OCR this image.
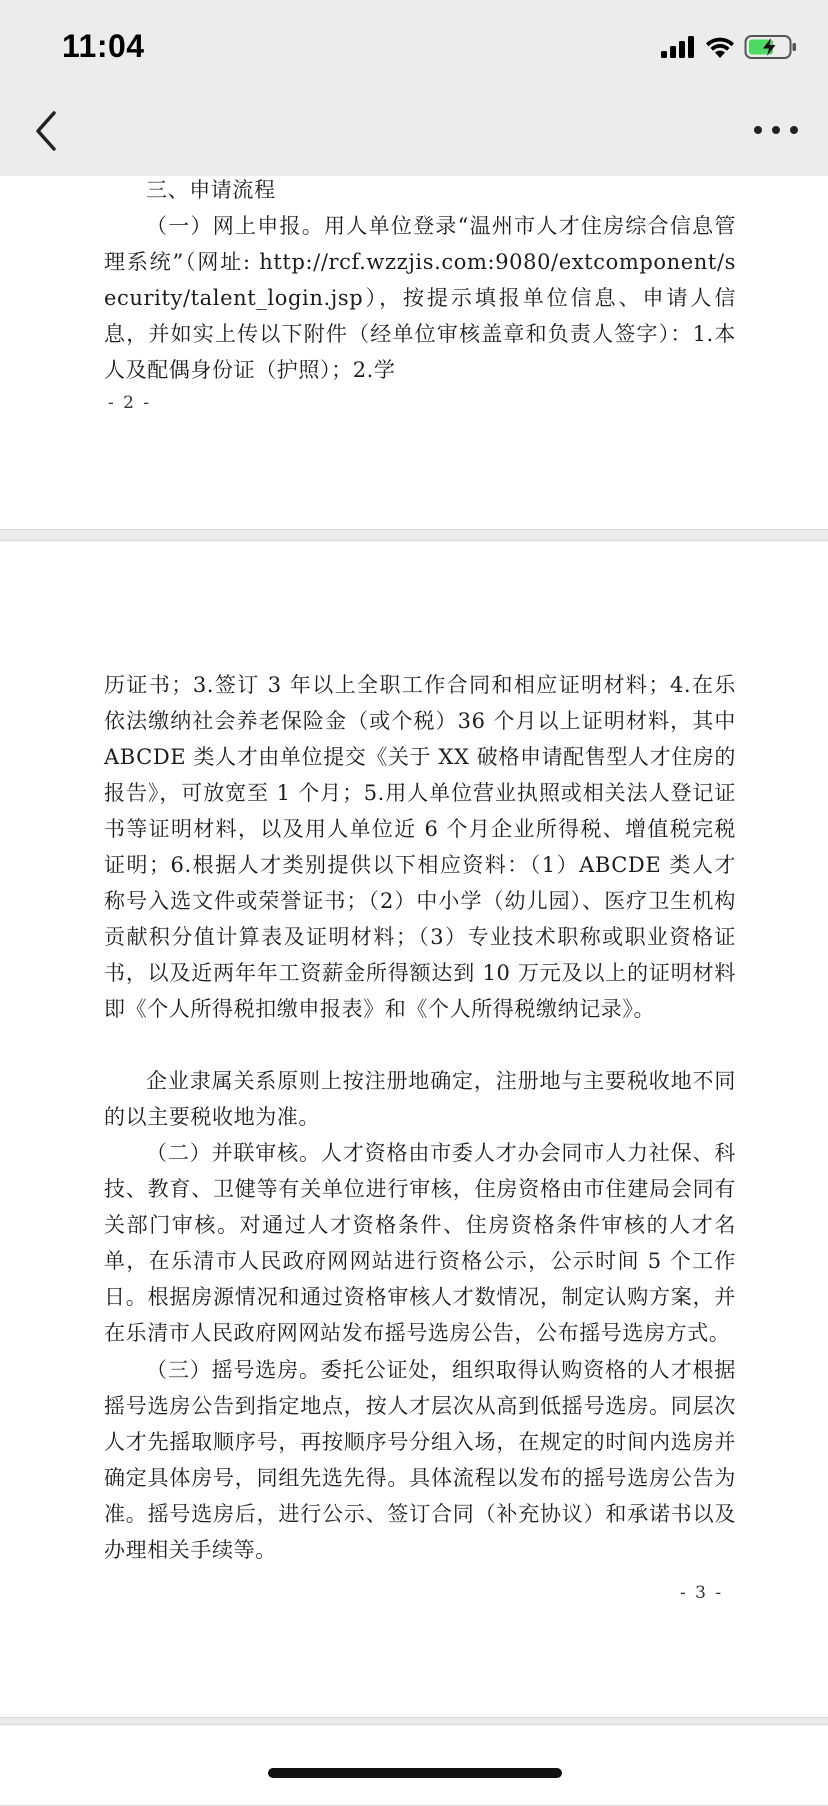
11:04
三、申请流程
（一）网上申报。用人单位登录“温州市人才住房综合信息管理系统”（网址: http://rcf.wzzjis.com:9080/extcomponent/security/talent_login.jsp），按提示填报单位信息、申请人信息，并如实上传以下附件（经单位审核盖章和负责人签字）：1.本人及配偶身份证（护照）；2.学
- 2 -
历证书；3.签订 3 年以上全职工作合同和相应证明材料；4.在乐依法缴纳社会养老保险金（或个税）36 个月以上证明材料，其中 ABCDE 类人才由单位提交《关于 XX 破格申请配售型人才住房的报告》，可放宽至 1 个月；5.用人单位营业执照或相关法人登记证书等证明材料，以及用人单位近 6 个月企业所得税、增值税完税证明；6.根据人才类别提供以下相应资料：（1）ABCDE 类人才称号入选文件或荣誉证书；（2）中小学（幼儿园）、医疗卫生机构贡献积分值计算表及证明材料；（3）专业技术职称或职业资格证书，以及近两年年工资薪金所得额达到 10 万元及以上的证明材料即《个人所得税扣缴申报表》和《个人所得税缴纳记录》。
企业隶属关系原则上按注册地确定，注册地与主要税收地不同的以主要税收地为准。
（二）并联审核。人才资格由市委人才办会同市人力社保、科技、教育、卫健等有关单位进行审核，住房资格由市住建局会同有关部门审核。对通过人才资格条件、住房资格条件审核的人才名单，在乐清市人民政府网网站进行资格公示，公示时间 5 个工作日。根据房源情况和通过资格审核人才数情况，制定认购方案，并在乐清市人民政府网网站发布摇号选房公告，公布摇号选房方式。
（三）摇号选房。委托公证处，组织取得认购资格的人才根据摇号选房公告到指定地点，按人才层次从高到低摇号选房。同层次人才先摇取顺序号，再按顺序号分组入场，在规定的时间内选房并确定具体房号，同组先选先得。具体流程以发布的摇号选房公告为准。摇号选房后，进行公示、签订合同（补充协议）和承诺书以及办理相关手续等。
- 3 -
